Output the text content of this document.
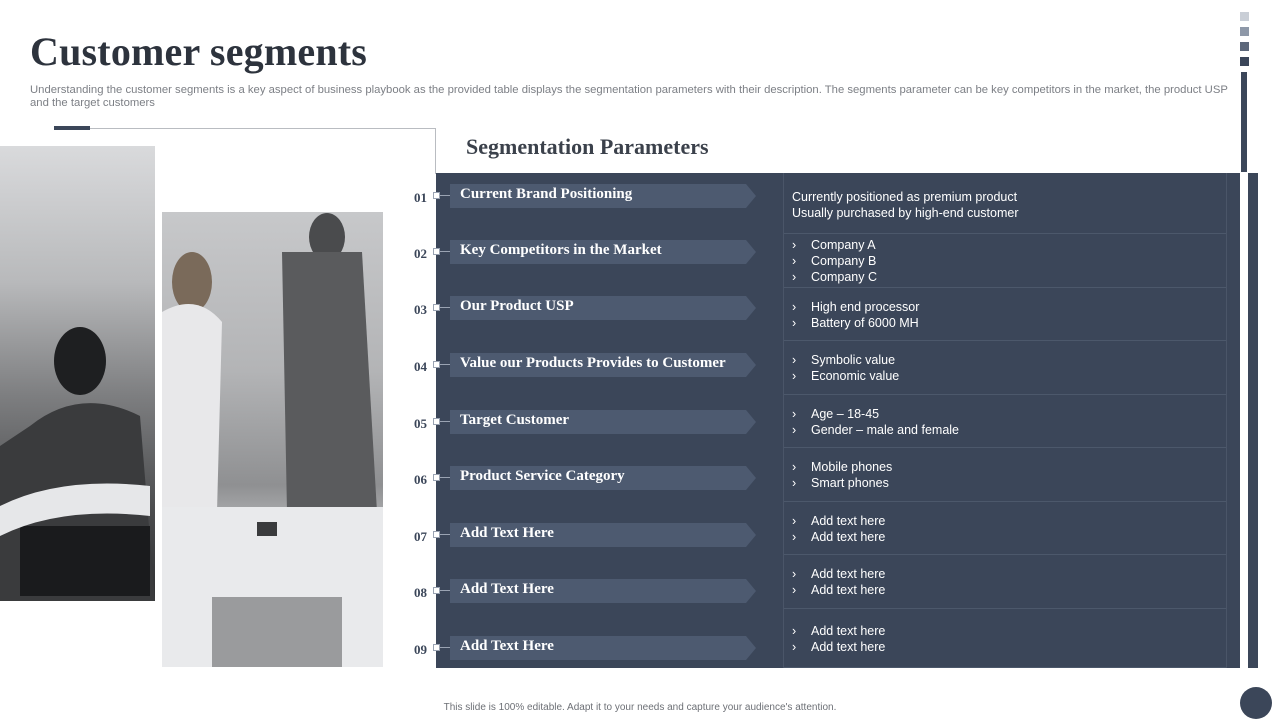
Customer segments
Understanding the customer segments is a key aspect of business playbook as the provided table displays the segmentation parameters with their description. The segments parameter can be key competitors in the market, the product USP and the target customers
Segmentation Parameters
01 Current Brand Positioning
02 Key Competitors in the Market
03 Our Product USP
04 Value our Products Provides to Customer
05 Target Customer
06 Product Service Category
07 Add Text Here
08 Add Text Here
09 Add Text Here
This slide is 100% editable. Adapt it to your needs and capture your audience's attention.
Currently positioned as premium product
Usually purchased by high-end customer
› Company A
› Company B
› Company C
› High end processor
› Battery of 6000 MH
› Symbolic value
› Economic value
› Age – 18-45
› Gender – male and female
› Mobile phones
› Smart phones
› Add text here
› Add text here
› Add text here
› Add text here
› Add text here
› Add text here
